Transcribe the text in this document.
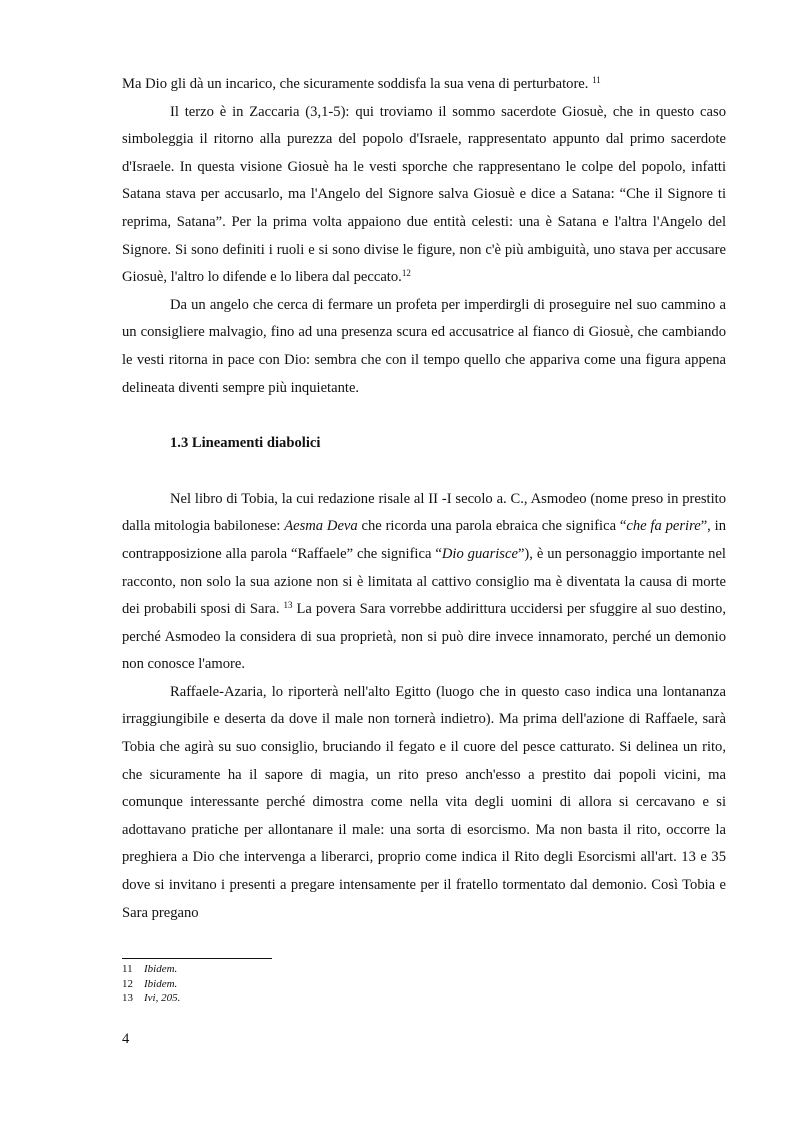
Ma Dio gli dà un incarico, che sicuramente soddisfa la sua vena di perturbatore. $^{11}$

Il terzo è in Zaccaria (3,1-5): qui troviamo il sommo sacerdote Giosuè, che in questo caso simboleggia il ritorno alla purezza del popolo d'Israele, rappresentato appunto dal primo sacerdote d'Israele. In questa visione Giosuè ha le vesti sporche che rappresentano le colpe del popolo, infatti Satana stava per accusarlo, ma l'Angelo del Signore salva Giosuè e dice a Satana: “Che il Signore ti reprima, Satana”. Per la prima volta appaiono due entità celesti: una è Satana e l'altra l'Angelo del Signore. Si sono definiti i ruoli e si sono divise le figure, non c'è più ambiguità, uno stava per accusare Giosuè, l'altro lo difende e lo libera dal peccato.$^{12}$

Da un angelo che cerca di fermare un profeta per imperdirgli di proseguire nel suo cammino a un consigliere malvagio, fino ad una presenza scura ed accusatrice al fianco di Giosuè, che cambiando le vesti ritorna in pace con Dio: sembra che con il tempo quello che appariva come una figura appena delineata diventi sempre più inquietante.

1.3 Lineamenti diabolici

Nel libro di Tobia, la cui redazione risale al II -I secolo a. C., Asmodeo (nome preso in prestito dalla mitologia babilonese: Aesma Deva che ricorda una parola ebraica che significa “che fa perire”, in contrapposizione alla parola “Raffaele” che significa “Dio guarisce”), è un personaggio importante nel racconto, non solo la sua azione non si è limitata al cattivo consiglio ma è diventata la causa di morte dei probabili sposi di Sara. $^{13}$ La povera Sara vorrebbe addirittura uccidersi per sfuggire al suo destino, perché Asmodeo la considera di sua proprietà, non si può dire invece innamorato, perché un demonio non conosce l'amore.

Raffaele-Azaria, lo riporterà nell'alto Egitto (luogo che in questo caso indica una lontananza irraggiungibile e deserta da dove il male non tornerà indietro). Ma prima dell'azione di Raffaele, sarà Tobia che agirà su suo consiglio, bruciando il fegato e il cuore del pesce catturato. Si delinea un rito, che sicuramente ha il sapore di magia, un rito preso anch'esso a prestito dai popoli vicini, ma comunque interessante perché dimostra come nella vita degli uomini di allora si cercavano e si adottavano pratiche per allontanare il male: una sorta di esorcismo. Ma non basta il rito, occorre la preghiera a Dio che intervenga a liberarci, proprio come indica il Rito degli Esorcismi all'art. 13 e 35 dove si invitano i presenti a pregare intensamente per il fratello tormentato dal demonio. Così Tobia e Sara pregano

11 Ibidem.
12 Ibidem.
13 Ivi, 205.
4
